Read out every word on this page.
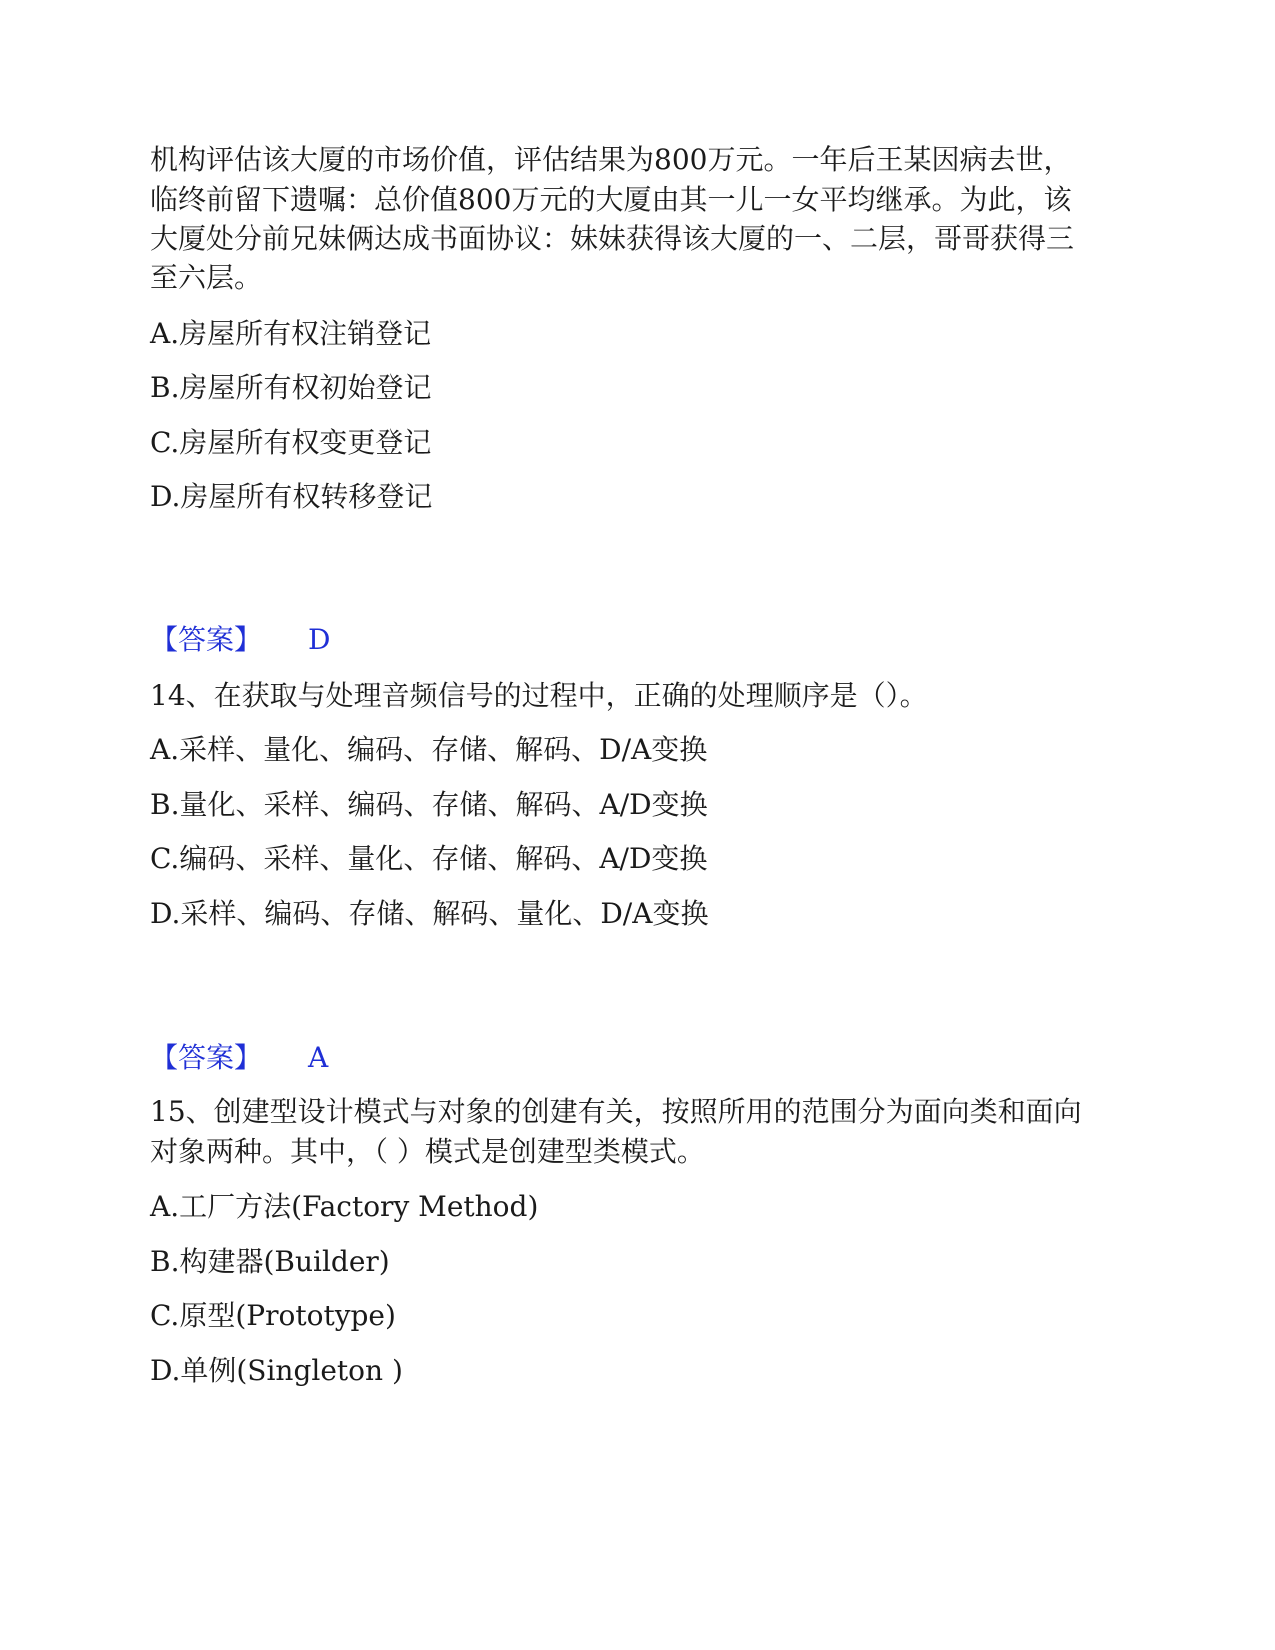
机构评估该大厦的市场价值，评估结果为800万元。一年后王某因病去世，
临终前留下遗嘱：总价值800万元的大厦由其一儿一女平均继承。为此，该
大厦处分前兄妹俩达成书面协议：妹妹获得该大厦的一、二层，哥哥获得三
至六层。
A.房屋所有权注销登记
B.房屋所有权初始登记
C.房屋所有权变更登记
D.房屋所有权转移登记
【答案】 D
14、在获取与处理音频信号的过程中，正确的处理顺序是（）。
A.采样、量化、编码、存储、解码、D/A变换
B.量化、采样、编码、存储、解码、A/D变换
C.编码、采样、量化、存储、解码、A/D变换
D.采样、编码、存储、解码、量化、D/A变换
【答案】 A
15、创建型设计模式与对象的创建有关，按照所用的范围分为面向类和面向
对象两种。其中，（ ）模式是创建型类模式。
A.工厂方法(Factory Method)
B.构建器(Builder)
C.原型(Prototype)
D.单例(Singleton )
